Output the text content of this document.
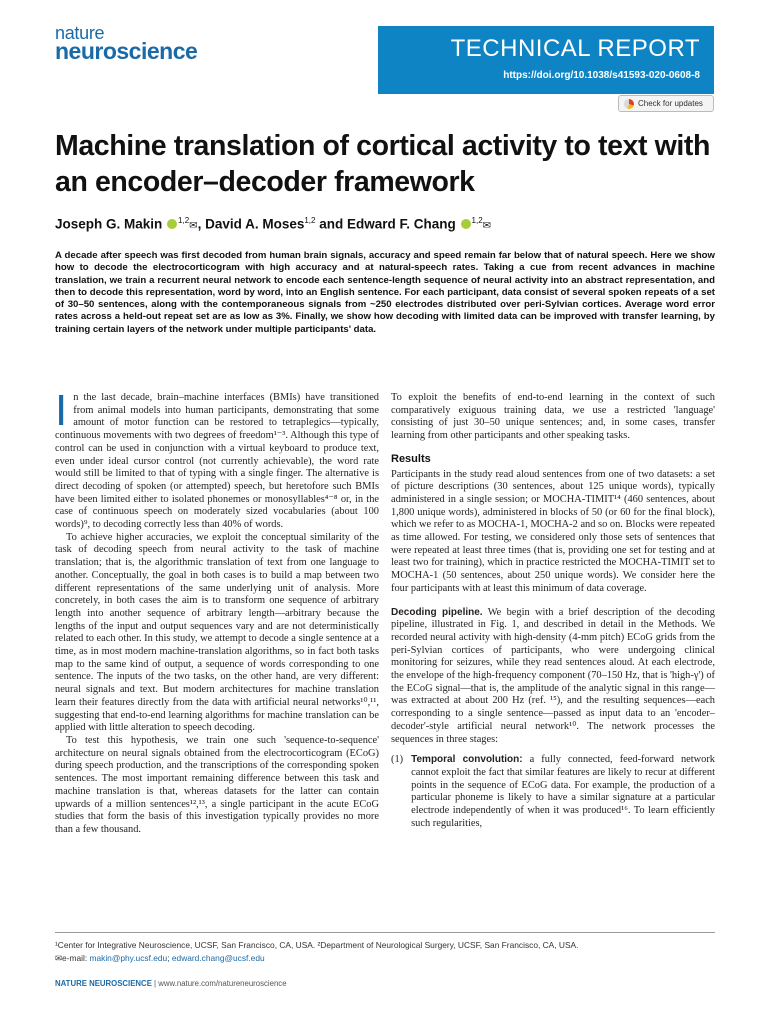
nature
neuroscience	TECHNICAL REPORT
https://doi.org/10.1038/s41593-020-0608-8
Check for updates
Machine translation of cortical activity to text with an encoder–decoder framework
Joseph G. Makin $^{1,2}$✉, David A. Moses$^{1,2}$ and Edward F. Chang $^{1,2}$✉

A decade after speech was first decoded from human brain signals, accuracy and speed remain far below that of natural speech. Here we show how to decode the electrocorticogram with high accuracy and at natural-speech rates. Taking a cue from recent advances in machine translation, we train a recurrent neural network to encode each sentence-length sequence of neural activity into an abstract representation, and then to decode this representation, word by word, into an English sentence. For each participant, data consist of several spoken repeats of a set of 30–50 sentences, along with the contemporaneous signals from ~250 electrodes distributed over peri-Sylvian cortices. Average word error rates across a held-out repeat set are as low as 3%. Finally, we show how decoding with limited data can be improved with transfer learning, by training certain layers of the network under multiple participants' data.

In the last decade, brain–machine interfaces (BMIs) have transitioned from animal models into human participants, demonstrating that some amount of motor function can be restored to tetraplegics—typically, continuous movements with two degrees of freedom¹⁻³. Although this type of control can be used in conjunction with a virtual keyboard to produce text, even under ideal cursor control (not currently achievable), the word rate would still be limited to that of typing with a single finger. The alternative is direct decoding of spoken (or attempted) speech, but heretofore such BMIs have been limited either to isolated phonemes or monosyllables⁴⁻⁸ or, in the case of continuous speech on moderately sized vocabularies (about 100 words)⁹, to decoding correctly less than 40% of words.

To achieve higher accuracies, we exploit the conceptual similarity of the task of decoding speech from neural activity to the task of machine translation; that is, the algorithmic translation of text from one language to another. Conceptually, the goal in both cases is to build a map between two different representations of the same underlying unit of analysis. More concretely, in both cases the aim is to transform one sequence of arbitrary length into another sequence of arbitrary length—arbitrary because the lengths of the input and output sequences vary and are not deterministically related to each other. In this study, we attempt to decode a single sentence at a time, as in most modern machine-translation algorithms, so in fact both tasks map to the same kind of output, a sequence of words corresponding to one sentence. The inputs of the two tasks, on the other hand, are very different: neural signals and text. But modern architectures for machine translation learn their features directly from the data with artificial neural networks¹⁰,¹¹, suggesting that end-to-end learning algorithms for machine translation can be applied with little alteration to speech decoding.

To test this hypothesis, we train one such 'sequence-to-sequence' architecture on neural signals obtained from the electrocorticogram (ECoG) during speech production, and the transcriptions of the corresponding spoken sentences. The most important remaining difference between this task and machine translation is that, whereas datasets for the latter can contain upwards of a million sentences¹²,¹³, a single participant in the acute ECoG studies that form the basis of this investigation typically provides no more than a few thousand.

To exploit the benefits of end-to-end learning in the context of such comparatively exiguous training data, we use a restricted 'language' consisting of just 30–50 unique sentences; and, in some cases, transfer learning from other participants and other speaking tasks.

Results

Participants in the study read aloud sentences from one of two datasets: a set of picture descriptions (30 sentences, about 125 unique words), typically administered in a single session; or MOCHA-TIMIT¹⁴ (460 sentences, about 1,800 unique words), administered in blocks of 50 (or 60 for the final block), which we refer to as MOCHA-1, MOCHA-2 and so on. Blocks were repeated as time allowed. For testing, we considered only those sets of sentences that were repeated at least three times (that is, providing one set for testing and at least two for training), which in practice restricted the MOCHA-TIMIT set to MOCHA-1 (50 sentences, about 250 unique words). We consider here the four participants with at least this minimum of data coverage.

Decoding pipeline. We begin with a brief description of the decoding pipeline, illustrated in Fig. 1, and described in detail in the Methods. We recorded neural activity with high-density (4-mm pitch) ECoG grids from the peri-Sylvian cortices of participants, who were undergoing clinical monitoring for seizures, while they read sentences aloud. At each electrode, the envelope of the high-frequency component (70–150 Hz, that is 'high-γ') of the ECoG signal—that is, the amplitude of the analytic signal in this range—was extracted at about 200 Hz (ref. ¹⁵), and the resulting sequences—each corresponding to a single sentence—passed as input data to an 'encoder–decoder'-style artificial neural network¹⁰. The network processes the sequences in three stages:

(1) Temporal convolution: a fully connected, feed-forward network cannot exploit the fact that similar features are likely to recur at different points in the sequence of ECoG data. For example, the production of a particular phoneme is likely to have a similar signature at a particular electrode independently of when it was produced¹⁶. To learn efficiently such regularities,
¹Center for Integrative Neuroscience, UCSF, San Francisco, CA, USA. ²Department of Neurological Surgery, UCSF, San Francisco, CA, USA.
✉e-mail: makin@phy.ucsf.edu; edward.chang@ucsf.edu
NATURE NEUROSCIENCE | www.nature.com/natureneuroscience
